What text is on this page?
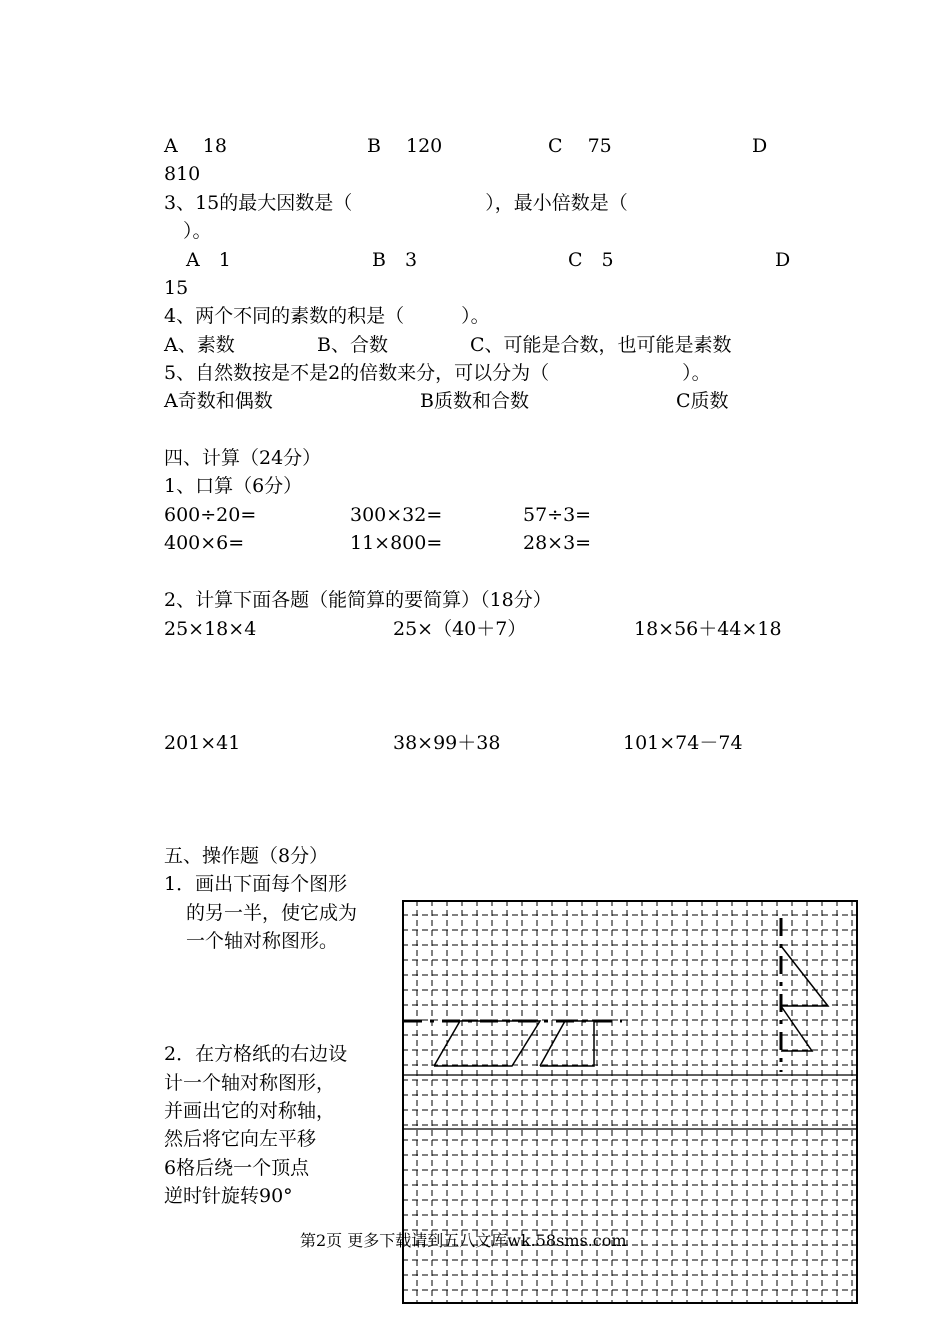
A　 18	B　 120	C　 75	D
810
3、15的最大因数是（　　　　　　　），最小倍数是（
　）。
A　1	B　3	C　5	D
15
4、两个不同的素数的积是（　　　）。
A、素数	B、合数	C、可能是合数，也可能是素数
5、自然数按是不是2的倍数来分，可以分为（　　　　　　　）。
A奇数和偶数	B质数和合数	C质数
四、计算（24分）
1、口算（6分）
600÷20=	300×32=	57÷3=
400×6=	11×800=	28×3=
2、计算下面各题（能简算的要简算）（18分）
25×18×4	25×（40＋7）	18×56＋44×18
201×41	38×99＋38	101×74－74
五、操作题（8分）
1．画出下面每个图形
的另一半，使它成为
一个轴对称图形。
2．在方格纸的右边设
计一个轴对称图形，
并画出它的对称轴，
然后将它向左平移
6格后绕一个顶点
逆时针旋转90°
第2页 更多下载请到五八文库wk.58sms.com
